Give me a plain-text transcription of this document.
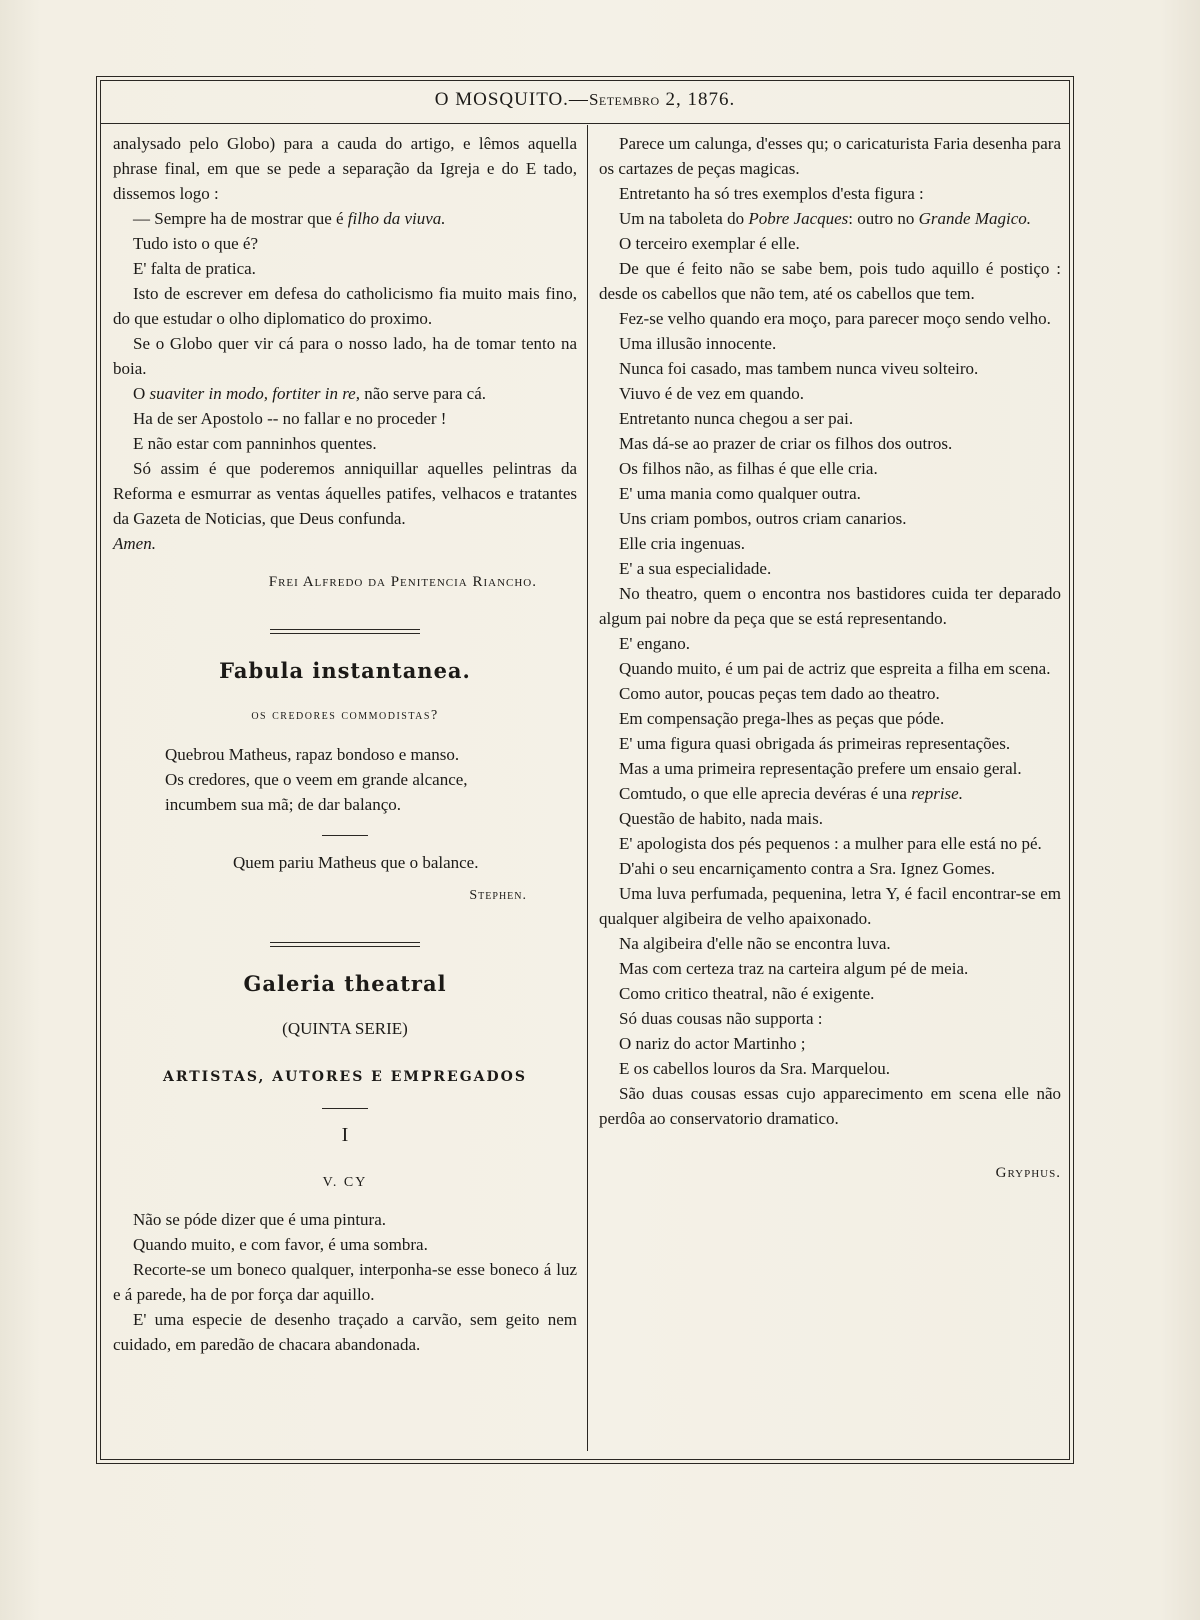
O MOSQUITO.—Setembro 2, 1876.

analysado pelo Globo) para a cauda do artigo, e lêmos aquella phrase final, em que se pede a separação da Igreja e do E tado, dissemos logo :

— Sempre ha de mostrar que é filho da viuva.

Tudo isto o que é?

E' falta de pratica.

Isto de escrever em defesa do catholicismo fia muito mais fino, do que estudar o olho diplomatico do proximo.

Se o Globo quer vir cá para o nosso lado, ha de tomar tento na boia.

O suaviter in modo, fortiter in re, não serve para cá.

Ha de ser Apostolo -- no fallar e no proceder !

E não estar com panninhos quentes.

Só assim é que poderemos anniquillar aquelles pelintras da Reforma e esmurrar as ventas áquelles patifes, velhacos e tratantes da Gazeta de Noticias, que Deus confunda.

Amen.

Frei Alfredo da Penitencia Riancho.
Fabula instantanea.
os credores commodistas?
Quebrou Matheus, rapaz bondoso e manso.
Os credores, que o veem em grande alcance,
incumbem sua mã; de dar balanço.
Quem pariu Matheus que o balance.
Stephen.
Galeria theatral
(QUINTA SERIE)
ARTISTAS, AUTORES E EMPREGADOS
I
V. CY

Não se póde dizer que é uma pintura.

Quando muito, e com favor, é uma sombra.

Recorte-se um boneco qualquer, interponha-se esse boneco á luz e á parede, ha de por força dar aquillo.

E' uma especie de desenho traçado a carvão, sem geito nem cuidado, em paredão de chacara abandonada.

Parece um calunga, d'esses qu; o caricaturista Faria desenha para os cartazes de peças magicas.

Entretanto ha só tres exemplos d'esta figura :

Um na taboleta do Pobre Jacques: outro no Grande Magico.

O terceiro exemplar é elle.

De que é feito não se sabe bem, pois tudo aquillo é postiço : desde os cabellos que não tem, até os cabellos que tem.

Fez-se velho quando era moço, para parecer moço sendo velho.

Uma illusão innocente.

Nunca foi casado, mas tambem nunca viveu solteiro.

Viuvo é de vez em quando.

Entretanto nunca chegou a ser pai.

Mas dá-se ao prazer de criar os filhos dos outros.

Os filhos não, as filhas é que elle cria.

E' uma mania como qualquer outra.

Uns criam pombos, outros criam canarios.

Elle cria ingenuas.

E' a sua especialidade.

No theatro, quem o encontra nos bastidores cuida ter deparado algum pai nobre da peça que se está representando.

E' engano.

Quando muito, é um pai de actriz que espreita a filha em scena.

Como autor, poucas peças tem dado ao theatro.

Em compensação prega-lhes as peças que póde.

E' uma figura quasi obrigada ás primeiras representações.

Mas a uma primeira representação prefere um ensaio geral.

Comtudo, o que elle aprecia devéras é una reprise.

Questão de habito, nada mais.

E' apologista dos pés pequenos : a mulher para elle está no pé.

D'ahi o seu encarniçamento contra a Sra. Ignez Gomes.

Uma luva perfumada, pequenina, letra Y, é facil encontrar-se em qualquer algibeira de velho apaixonado.

Na algibeira d'elle não se encontra luva.

Mas com certeza traz na carteira algum pé de meia.

Como critico theatral, não é exigente.

Só duas cousas não supporta :

O nariz do actor Martinho ;

E os cabellos louros da Sra. Marquelou.

São duas cousas essas cujo apparecimento em scena elle não perdôa ao conservatorio dramatico.

Gryphus.
